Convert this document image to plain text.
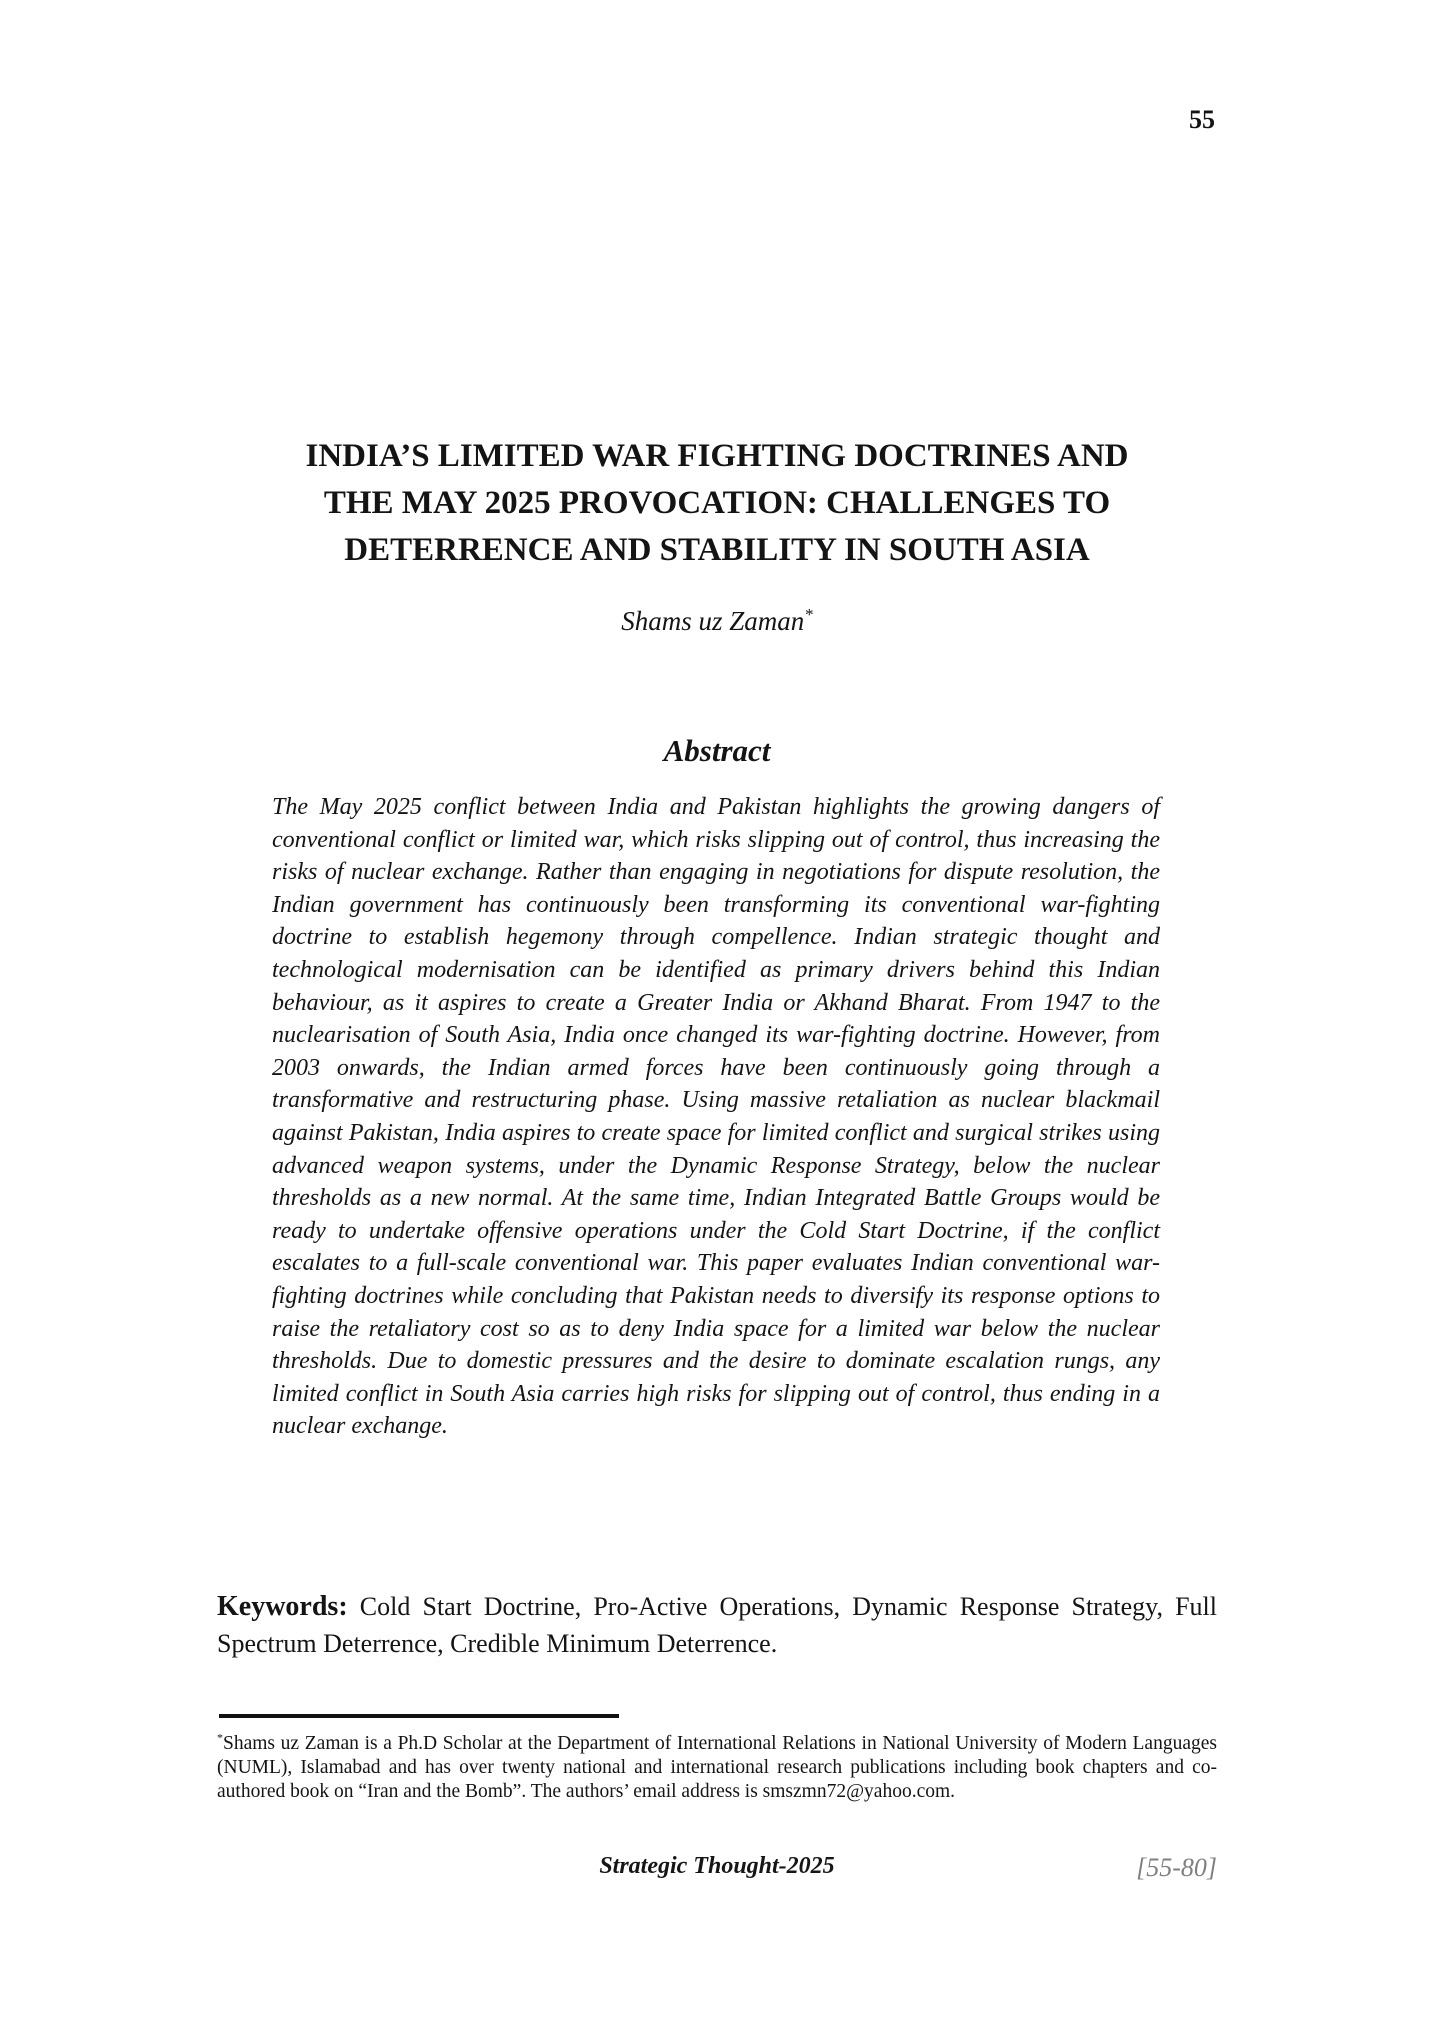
55
INDIA’S LIMITED WAR FIGHTING DOCTRINES AND
THE MAY 2025 PROVOCATION: CHALLENGES TO
DETERRENCE AND STABILITY IN SOUTH ASIA
Shams uz Zaman*
Abstract
The May 2025 conflict between India and Pakistan highlights the growing dangers of conventional conflict or limited war, which risks slipping out of control, thus increasing the risks of nuclear exchange. Rather than engaging in negotiations for dispute resolution, the Indian government has continuously been transforming its conventional war-fighting doctrine to establish hegemony through compellence. Indian strategic thought and technological modernisation can be identified as primary drivers behind this Indian behaviour, as it aspires to create a Greater India or Akhand Bharat. From 1947 to the nuclearisation of South Asia, India once changed its war-fighting doctrine. However, from 2003 onwards, the Indian armed forces have been continuously going through a transformative and restructuring phase. Using massive retaliation as nuclear blackmail against Pakistan, India aspires to create space for limited conflict and surgical strikes using advanced weapon systems, under the Dynamic Response Strategy, below the nuclear thresholds as a new normal. At the same time, Indian Integrated Battle Groups would be ready to undertake offensive operations under the Cold Start Doctrine, if the conflict escalates to a full-scale conventional war. This paper evaluates Indian conventional war-fighting doctrines while concluding that Pakistan needs to diversify its response options to raise the retaliatory cost so as to deny India space for a limited war below the nuclear thresholds. Due to domestic pressures and the desire to dominate escalation rungs, any limited conflict in South Asia carries high risks for slipping out of control, thus ending in a nuclear exchange.
Keywords: Cold Start Doctrine, Pro-Active Operations, Dynamic Response Strategy, Full Spectrum Deterrence, Credible Minimum Deterrence.
*Shams uz Zaman is a Ph.D Scholar at the Department of International Relations in National University of Modern Languages (NUML), Islamabad and has over twenty national and international research publications including book chapters and co-authored book on “Iran and the Bomb”. The authors’ email address is smszmn72@yahoo.com.
Strategic Thought-2025	[55-80]
